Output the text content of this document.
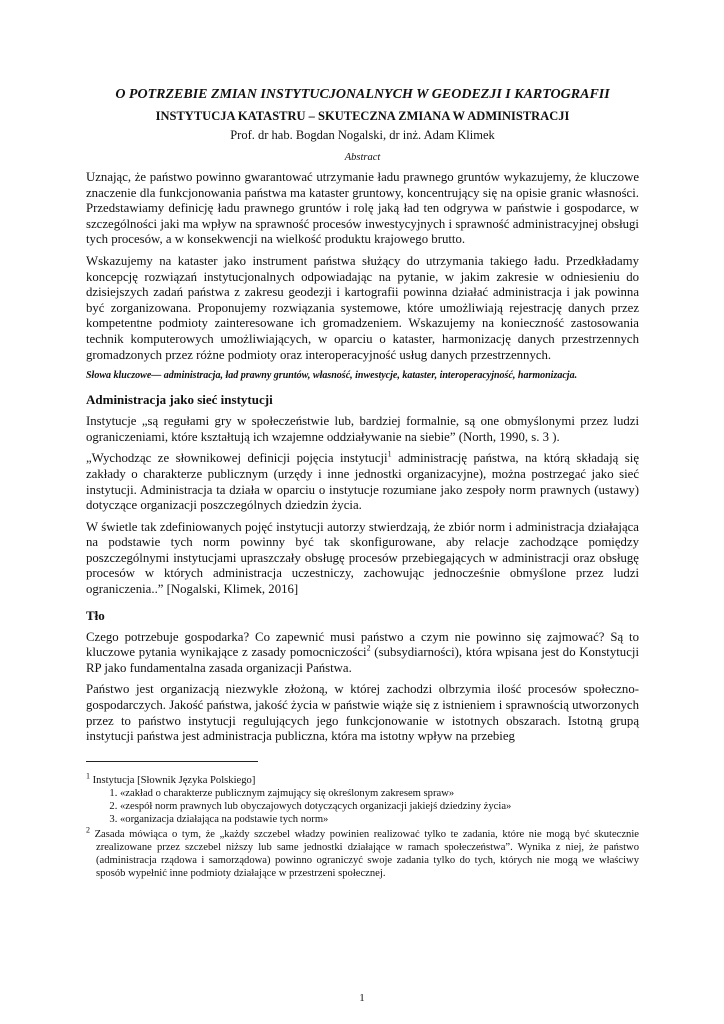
O POTRZEBIE ZMIAN INSTYTUCJONALNYCH W GEODEZJI I KARTOGRAFII
INSTYTUCJA KATASTRU – SKUTECZNA ZMIANA W ADMINISTRACJI
Prof. dr hab. Bogdan Nogalski, dr inż. Adam Klimek
Abstract

Uznając, że państwo powinno gwarantować utrzymanie ładu prawnego gruntów wykazujemy, że kluczowe znaczenie dla funkcjonowania państwa ma kataster gruntowy, koncentrujący się na opisie granic własności. Przedstawiamy definicję ładu prawnego gruntów i rolę jaką ład ten odgrywa w państwie i gospodarce, w szczególności jaki ma wpływ na sprawność procesów inwestycyjnych i sprawność administracyjnej obsługi tych procesów, a w konsekwencji na wielkość produktu krajowego brutto.

Wskazujemy na kataster jako instrument państwa służący do utrzymania takiego ładu. Przedkładamy koncepcję rozwiązań instytucjonalnych odpowiadając na pytanie, w jakim zakresie w odniesieniu do dzisiejszych zadań państwa z zakresu geodezji i kartografii powinna działać administracja i jak powinna być zorganizowana. Proponujemy rozwiązania systemowe, które umożliwiają rejestrację danych przez kompetentne podmioty zainteresowane ich gromadzeniem. Wskazujemy na konieczność zastosowania technik komputerowych umożliwiających, w oparciu o kataster, harmonizację danych przestrzennych gromadzonych przez różne podmioty oraz interoperacyjność usług danych przestrzennych.

Słowa kluczowe— administracja, ład prawny gruntów, własność, inwestycje, kataster, interoperacyjność, harmonizacja.
Administracja jako sieć instytucji

Instytucje „są regułami gry w społeczeństwie lub, bardziej formalnie, są one obmyślonymi przez ludzi ograniczeniami, które kształtują ich wzajemne oddziaływanie na siebie” (North, 1990, s. 3 ).

„Wychodząc ze słownikowej definicji pojęcia instytucji$^1$ administrację państwa, na którą składają się zakłady o charakterze publicznym (urzędy i inne jednostki organizacyjne), można postrzegać jako sieć instytucji. Administracja ta działa w oparciu o instytucje rozumiane jako zespoły norm prawnych (ustawy) dotyczące organizacji poszczególnych dziedzin życia.

W świetle tak zdefiniowanych pojęć instytucji autorzy stwierdzają, że zbiór norm i administracja działająca na podstawie tych norm powinny być tak skonfigurowane, aby relacje zachodzące pomiędzy poszczególnymi instytucjami upraszczały obsługę procesów przebiegających w administracji oraz obsługę procesów w których administracja uczestniczy, zachowując jednocześnie obmyślone przez ludzi ograniczenia..” [Nogalski, Klimek, 2016]

Tło

Czego potrzebuje gospodarka? Co zapewnić musi państwo a czym nie powinno się zajmować? Są to kluczowe pytania wynikające z zasady pomocniczości$^2$ (subsydiarności), która wpisana jest do Konstytucji RP jako fundamentalna zasada organizacji Państwa.

Państwo jest organizacją niezwykle złożoną, w której zachodzi olbrzymia ilość procesów społeczno-gospodarczych. Jakość państwa, jakość życia w państwie wiąże się z istnieniem i sprawnością utworzonych przez to państwo instytucji regulujących jego funkcjonowanie w istotnych obszarach. Istotną grupą instytucji państwa jest administracja publiczna, która ma istotny wpływ na przebieg

$^1$ Instytucja [Słownik Języka Polskiego]

1. «zakład o charakterze publicznym zajmujący się określonym zakresem spraw»
2. «zespół norm prawnych lub obyczajowych dotyczących organizacji jakiejś dziedziny życia»
3. «organizacja działająca na podstawie tych norm»

$^2$ Zasada mówiąca o tym, że „każdy szczebel władzy powinien realizować tylko te zadania, które nie mogą być skutecznie zrealizowane przez szczebel niższy lub same jednostki działające w ramach społeczeństwa”. Wynika z niej, że państwo (administracja rządowa i samorządowa) powinno ograniczyć swoje zadania tylko do tych, których nie mogą we właściwy sposób wypełnić inne podmioty działające w przestrzeni społecznej.

1
